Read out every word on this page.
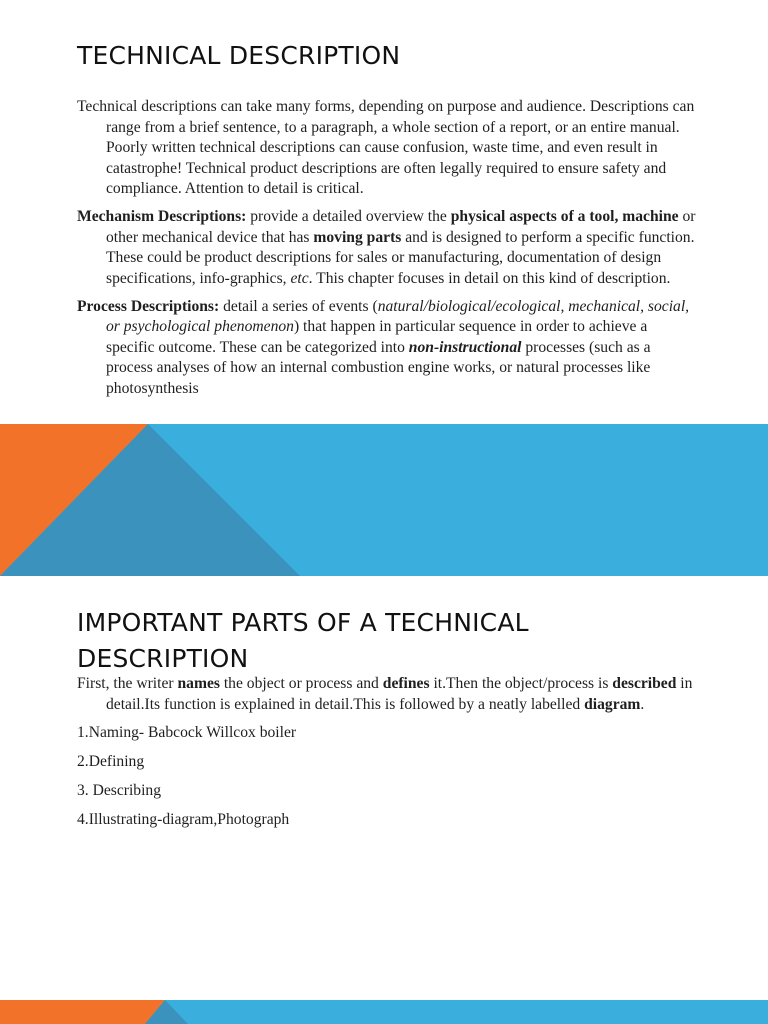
TECHNICAL DESCRIPTION

Technical descriptions can take many forms, depending on purpose and audience. Descriptions can range from a brief sentence, to a paragraph, a whole section of a report, or an entire manual. Poorly written technical descriptions can cause confusion, waste time, and even result in catastrophe! Technical product descriptions are often legally required to ensure safety and compliance. Attention to detail is critical.

Mechanism Descriptions: provide a detailed overview the physical aspects of a tool, machine or other mechanical device that has moving parts and is designed to perform a specific function. These could be product descriptions for sales or manufacturing, documentation of design specifications, info-graphics, etc. This chapter focuses in detail on this kind of description.

Process Descriptions: detail a series of events (natural/biological/ecological, mechanical, social, or psychological phenomenon) that happen in particular sequence in order to achieve a specific outcome. These can be categorized into non-instructional processes (such as a process analyses of how an internal combustion engine works, or natural processes like photosynthesis

IMPORTANT PARTS OF A TECHNICAL DESCRIPTION

First, the writer names the object or process and defines it.Then the object/process is described in detail.Its function is explained in detail.This is followed by a neatly labelled diagram.

1.Naming- Babcock Willcox boiler

2.Defining

3. Describing

4.Illustrating-diagram,Photograph
